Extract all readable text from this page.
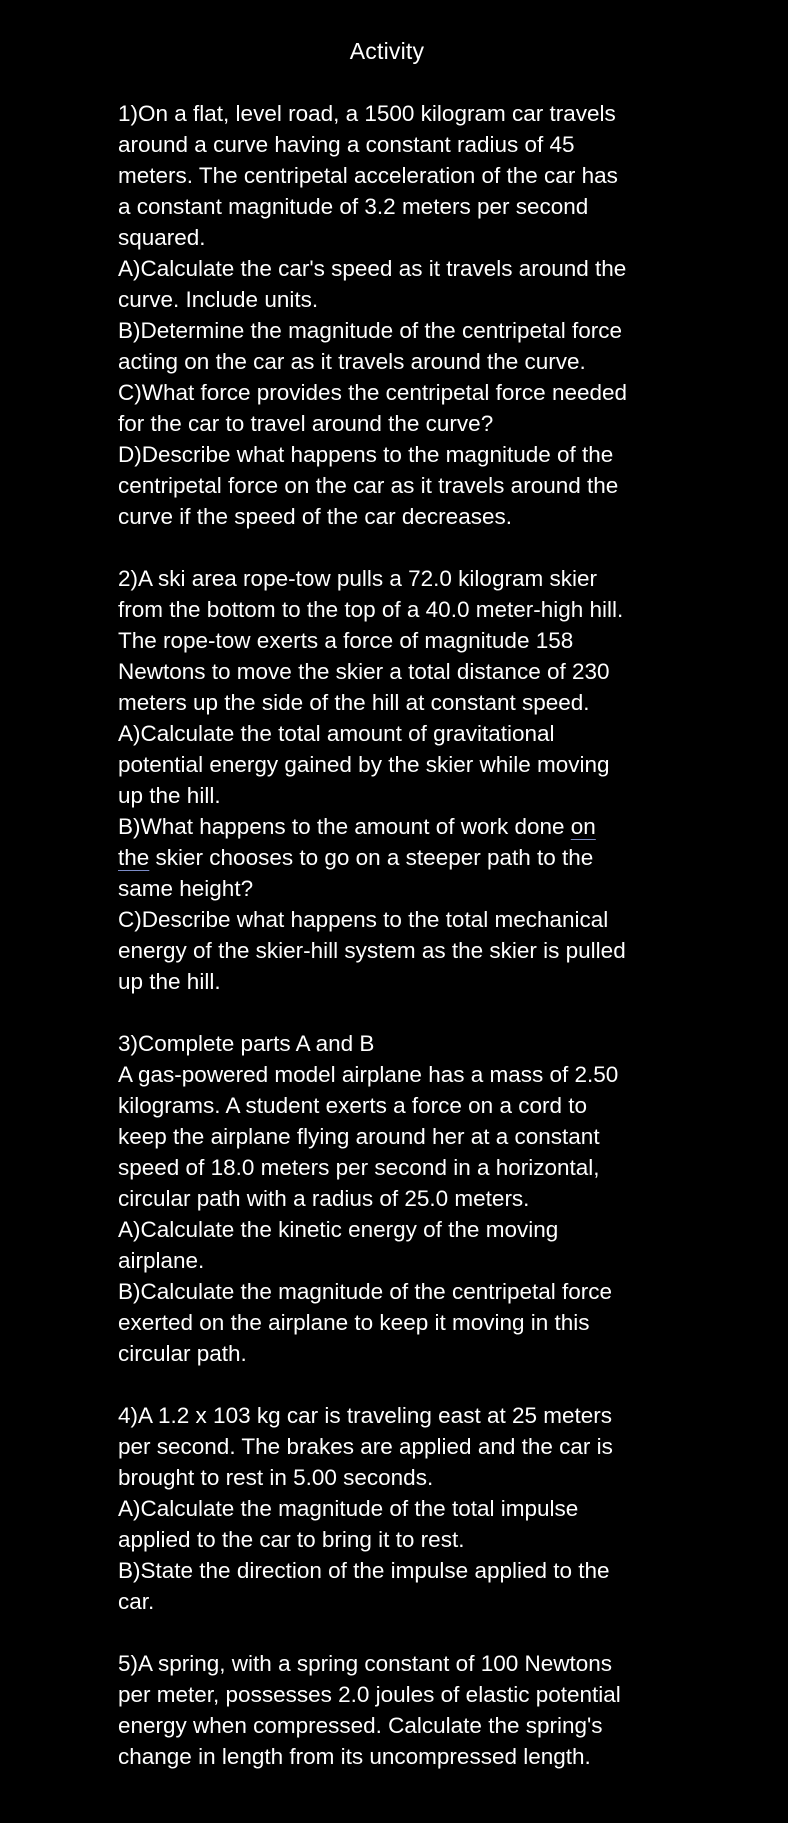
Activity
1)On a flat, level road, a 1500 kilogram car travels
around a curve having a constant radius of 45
meters. The centripetal acceleration of the car has
a constant magnitude of 3.2 meters per second
squared.
A)Calculate the car's speed as it travels around the
curve. Include units.
B)Determine the magnitude of the centripetal force
acting on the car as it travels around the curve.
C)What force provides the centripetal force needed
for the car to travel around the curve?
D)Describe what happens to the magnitude of the
centripetal force on the car as it travels around the
curve if the speed of the car decreases.
2)A ski area rope-tow pulls a 72.0 kilogram skier
from the bottom to the top of a 40.0 meter-high hill.
The rope-tow exerts a force of magnitude 158
Newtons to move the skier a total distance of 230
meters up the side of the hill at constant speed.
A)Calculate the total amount of gravitational
potential energy gained by the skier while moving
up the hill.
B)What happens to the amount of work done on
the skier chooses to go on a steeper path to the
same height?
C)Describe what happens to the total mechanical
energy of the skier-hill system as the skier is pulled
up the hill.
3)Complete parts A and B
A gas-powered model airplane has a mass of 2.50
kilograms. A student exerts a force on a cord to
keep the airplane flying around her at a constant
speed of 18.0 meters per second in a horizontal,
circular path with a radius of 25.0 meters.
A)Calculate the kinetic energy of the moving
airplane.
B)Calculate the magnitude of the centripetal force
exerted on the airplane to keep it moving in this
circular path.
4)A 1.2 x 103 kg car is traveling east at 25 meters
per second. The brakes are applied and the car is
brought to rest in 5.00 seconds.
A)Calculate the magnitude of the total impulse
applied to the car to bring it to rest.
B)State the direction of the impulse applied to the
car.
5)A spring, with a spring constant of 100 Newtons
per meter, possesses 2.0 joules of elastic potential
energy when compressed. Calculate the spring's
change in length from its uncompressed length.
